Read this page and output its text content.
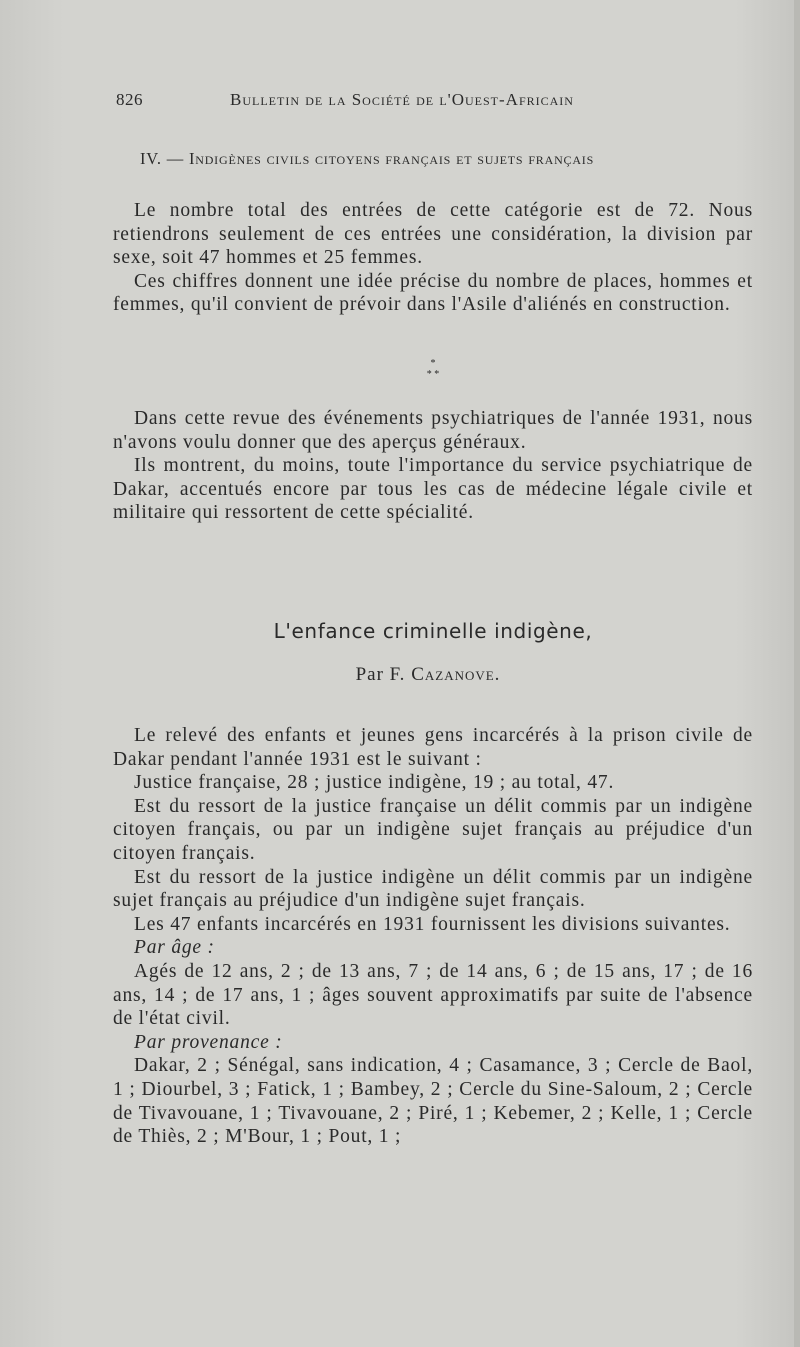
826	Bulletin de la Société de l'Ouest-Africain
IV. — Indigènes civils citoyens français et sujets français

Le nombre total des entrées de cette catégorie est de 72. Nous retiendrons seulement de ces entrées une considération, la division par sexe, soit 47 hommes et 25 femmes.

Ces chiffres donnent une idée précise du nombre de places, hommes et femmes, qu'il convient de prévoir dans l'Asile d'aliénés en construction.

*
* *

Dans cette revue des événements psychiatriques de l'année 1931, nous n'avons voulu donner que des aperçus généraux.

Ils montrent, du moins, toute l'importance du service psychiatrique de Dakar, accentués encore par tous les cas de médecine légale civile et militaire qui ressortent de cette spécialité.

L'enfance criminelle indigène,
Par F. Cazanove.

Le relevé des enfants et jeunes gens incarcérés à la prison civile de Dakar pendant l'année 1931 est le suivant :

Justice française, 28 ; justice indigène, 19 ; au total, 47.

Est du ressort de la justice française un délit commis par un indigène citoyen français, ou par un indigène sujet français au préjudice d'un citoyen français.

Est du ressort de la justice indigène un délit commis par un indigène sujet français au préjudice d'un indigène sujet français.

Les 47 enfants incarcérés en 1931 fournissent les divisions suivantes.

Par âge :

Agés de 12 ans, 2 ; de 13 ans, 7 ; de 14 ans, 6 ; de 15 ans, 17 ; de 16 ans, 14 ; de 17 ans, 1 ; âges souvent approximatifs par suite de l'absence de l'état civil.

Par provenance :

Dakar, 2 ; Sénégal, sans indication, 4 ; Casamance, 3 ; Cercle de Baol, 1 ; Diourbel, 3 ; Fatick, 1 ; Bambey, 2 ; Cercle du Sine-Saloum, 2 ; Cercle de Tivavouane, 1 ; Tivavouane, 2 ; Piré, 1 ; Kebemer, 2 ; Kelle, 1 ; Cercle de Thiès, 2 ; M'Bour, 1 ; Pout, 1 ;
